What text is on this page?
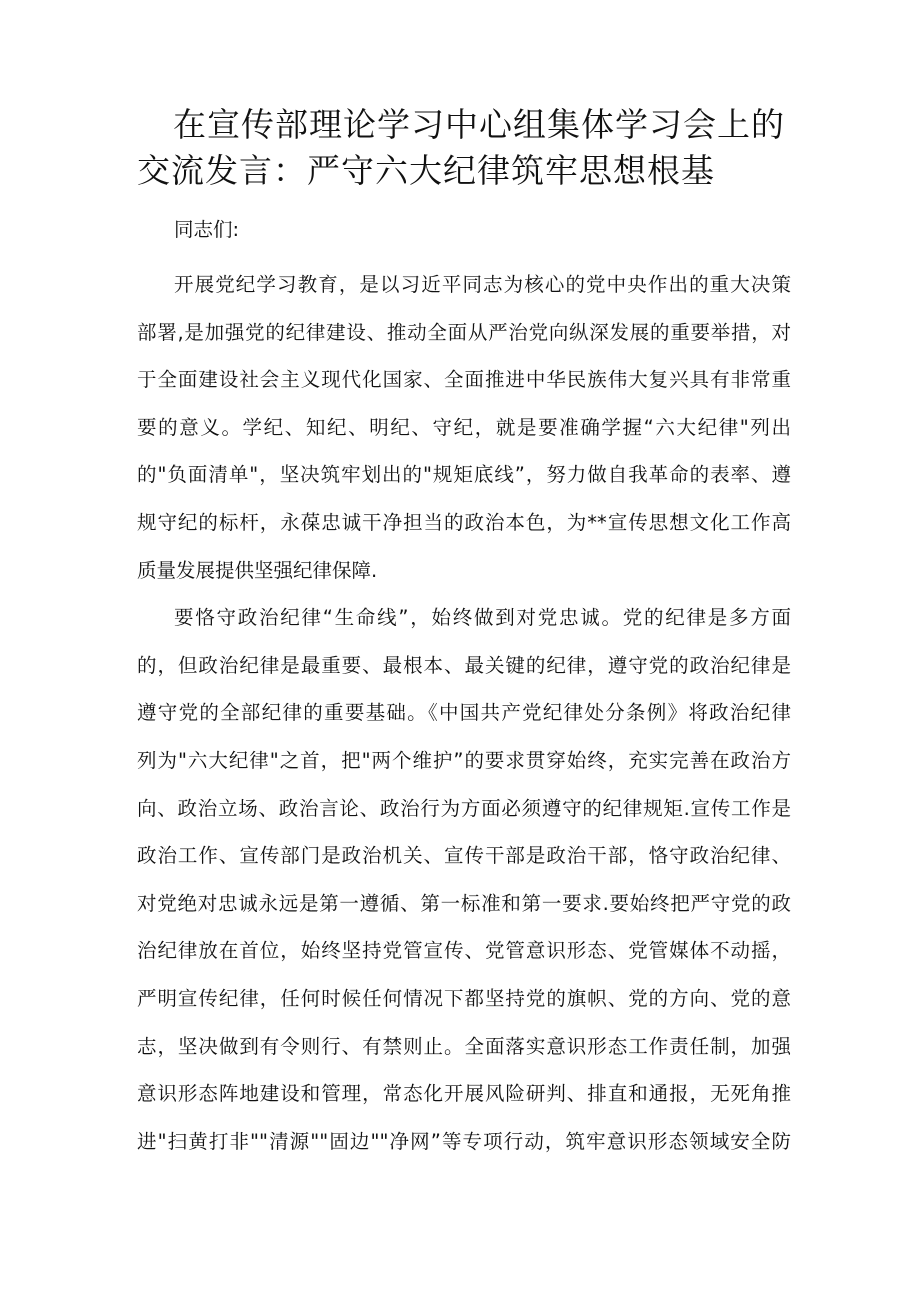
在宣传部理论学习中心组集体学习会上的
交流发言：严守六大纪律筑牢思想根基

同志们:

开展党纪学习教育，是以习近平同志为核心的党中央作出的重大决策
部署,是加强党的纪律建设、推动全面从严治党向纵深发展的重要举措，对
于全面建设社会主义现代化国家、全面推进中华民族伟大复兴具有非常重
要的意义。学纪、知纪、明纪、守纪，就是要准确学握“六大纪律"列出
的"负面清单"，坚决筑牢划出的"规矩底线”，努力做自我革命的表率、遵
规守纪的标杆，永葆忠诚干净担当的政治本色，为**宣传思想文化工作高
质量发展提供坚强纪律保障.
要恪守政治纪律“生命线”，始终做到对党忠诚。党的纪律是多方面
的，但政治纪律是最重要、最根本、最关键的纪律，遵守党的政治纪律是
遵守党的全部纪律的重要基础。《中国共产党纪律处分条例》将政治纪律
列为"六大纪律"之首，把"两个维护”的要求贯穿始终，充实完善在政治方
向、政治立场、政治言论、政治行为方面必须遵守的纪律规矩.宣传工作是
政治工作、宣传部门是政治机关、宣传干部是政治干部，恪守政治纪律、
对党绝对忠诚永远是第一遵循、第一标准和第一要求.要始终把严守党的政
治纪律放在首位，始终坚持党管宣传、党管意识形态、党管媒体不动摇，
严明宣传纪律，任何时候任何情况下都坚持党的旗帜、党的方向、党的意
志，坚决做到有令则行、有禁则止。全面落实意识形态工作责任制，加强
意识形态阵地建设和管理，常态化开展风险研判、排直和通报，无死角推
进"扫黄打非""清源""固边""净网”等专项行动，筑牢意识形态领域安全防
